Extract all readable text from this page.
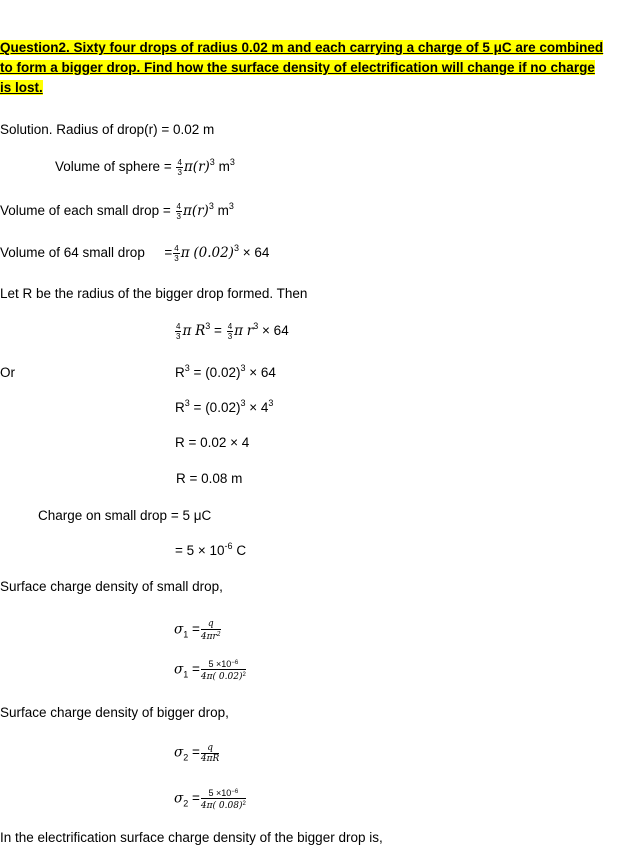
Question2. Sixty four drops of radius 0.02 m and each carrying a charge of 5 μC are combined
to form a bigger drop. Find how the surface density of electrification will change if no charge
is lost.
Solution. Radius of drop(r) = 0.02 m
Volume of sphere = $\frac{4}{3} \pi(r)^3$ $m^3$
Volume of each small drop = $\frac{4}{3} \pi(r)^3$ $m^3$
Volume of 64 small drop = $\frac{4}{3}$ π $(0.02)^3 \times 64$
Let R be the radius of the bigger drop formed. Then
$\frac{4}{3}$ π $R^3 = \frac{4}{3}$ π $r^3 \times 64$
Or	$R^3 = (0.02)^3 \times 64$
$R^3 = (0.02)^3 \times 4^3$
R = 0.02 × 4
R = 0.08 m
Charge on small drop = 5 μC
= $5 \times 10^{-6}$ C
Surface charge density of small drop,
$\sigma_1 = \frac{q}{4\pi r^2}$
$\sigma_1 = \frac{5 \times 10^{-6}}{4\pi( 0.02)^2}$
Surface charge density of bigger drop,
$\sigma_2 = \frac{q}{4\pi R}$
$\sigma_2 = \frac{5 \times 10^{-6}}{4\pi( 0.08)^2}$
In the electrification surface charge density of the bigger drop is,
